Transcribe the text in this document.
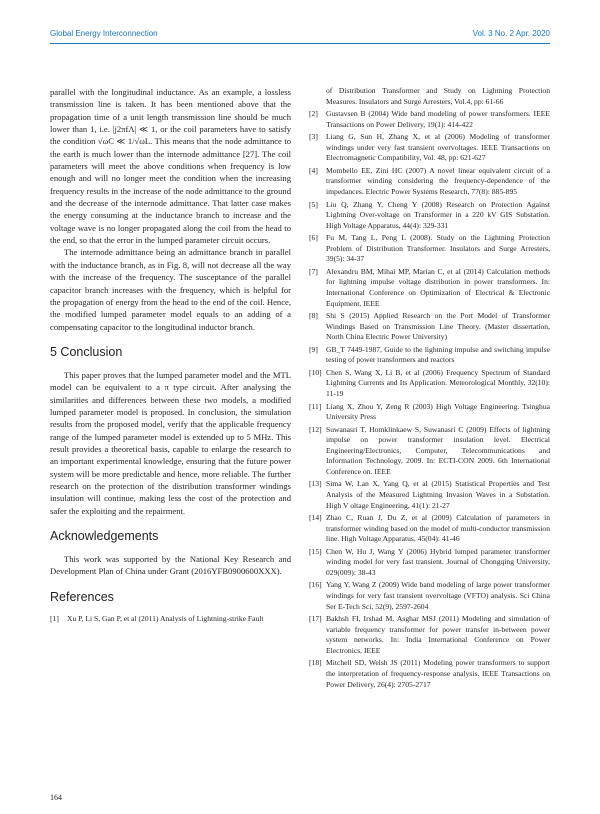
Global Energy Interconnection	Vol. 3 No. 2 Apr. 2020

parallel with the longitudinal inductance. As an example, a lossless transmission line is taken. It has been mentioned above that the propagation time of a unit length transmission line should be much lower than 1, i.e. |j2πfΛ| ≪ 1, or the coil parameters have to satisfy the condition √ωC ≪ 1/√ωL. This means that the node admittance to the earth is much lower than the internode admittance [27]. The coil parameters will meet the above conditions when frequency is low enough and will no longer meet the condition when the increasing frequency results in the increase of the node admittance to the ground and the decrease of the internode admittance. That latter case makes the energy consuming at the inductance branch to increase and the voltage wave is no longer propagated along the coil from the head to the end, so that the error in the lumped parameter circuit occurs.

The internode admittance being an admittance branch in parallel with the inductance branch, as in Fig. 8, will not decrease all the way with the increase of the frequency. The susceptance of the parallel capacitor branch increases with the frequency, which is helpful for the propagation of energy from the head to the end of the coil. Hence, the modified lumped parameter model equals to an adding of a compensating capacitor to the longitudinal inductor branch.

5 Conclusion

This paper proves that the lumped parameter model and the MTL model can be equivalent to a π type circuit. After analysing the similarities and differences between these two models, a modified lumped parameter model is proposed. In conclusion, the simulation results from the proposed model, verify that the applicable frequency range of the lumped parameter model is extended up to 5 MHz. This result provides a theoretical basis, capable to enlarge the research to an important experimental knowledge, ensuring that the future power system will be more predictable and hence, more reliable. The further research on the protection of the distribution transformer windings insulation will continue, making less the cost of the protection and safer the exploiting and the repairment.

Acknowledgements

This work was supported by the National Key Research and Development Plan of China under Grant (2016YFB0900600XXX).

References
[1]	Xu P, Li S, Gan P, et al (2011) Analysis of Lightning-strike Fault
of Distribution Transformer and Study on Lightning Protection Measures. Insulators and Surge Arresters, Vol.4, pp: 61-66
[2]	Gustavsen B (2004) Wide band modeling of power transformers. IEEE Transactions on Power Delivery, 19(1): 414-422
[3]	Liang G, Sun H, Zhang X, et al (2006) Modeling of transformer windings under very fast transient overvoltages. IEEE Transactions on Electromagnetic Compatibility, Vol. 48, pp: 621-627
[4]	Mombello EE, Zini HC (2007) A novel linear equivalent circuit of a transformer winding considering the frequency-dependence of the impedances. Electric Power Systems Research, 77(8): 885-895
[5]	Liu Q, Zhang Y, Cheng Y (2008) Research on Protection Against Lightning Over-voltage on Transformer in a 220 kV GIS Substation. High Voltage Apparatus, 44(4): 329-331
[6]	Fu M, Tang L, Peng L (2008). Study on the Lightning Protection Problem of Distribution Transformer. Insulators and Surge Arresters, 39(5): 34-37
[7]	Alexandru BM, Mihai MP, Marian C, et al (2014) Calculation methods for lightning impulse voltage distribution in power transformers. In: International Conference on Optimization of Electrical & Electronic Equipment, IEEE
[8]	Shi S (2015) Applied Research on the Port Model of Transformer Windings Based on Transmission Line Theory. (Master dissertation, North China Electric Power University)
[9]	GB_T 7449-1987, Guide to the lightning impulse and switching impulse testing of power transformers and reactors
[10] Chen S, Wang X, Li B, et al (2006) Frequency Spectrum of Standard Lightning Currents and Its Application. Meteorological Monthly, 32(10): 11-19
[11] Liang X, Zhou Y, Zeng R (2003) High Voltage Engineering. Tsinghua University Press
[12] Suwanasri T, Homklinkaew S, Suwanasri C (2009) Effects of lightning impulse on power transformer insulation level. Electrical Engineering/Electronics, Computer, Telecommunications and Information Technology, 2009. In: ECTI-CON 2009. 6th International Conference on. IEEE
[13] Sima W, Lan X, Yang Q, et al (2015) Statistical Properties and Test Analysis of the Measured Lightning Invasion Waves in a Substation. High V oltage Engineering, 41(1): 21-27
[14] Zhao C, Ruan J, Du Z, et al (2009) Calculation of parameters in transformer winding based on the model of multi-conductor transmission line. High Voltage Apparatus, 45(04): 41-46
[15] Chen W, Hu J, Wang Y (2006) Hybrid lumped parameter transformer winding model for very fast transient. Journal of Chongqing University, 029(009): 38-43
[16] Yang Y, Wang Z (2009) Wide band modeling of large power transformer windings for very fast transient overvoltage (VFTO) analysis. Sci China Ser E-Tech Sci, 52(9), 2597-2604
[17] Bakhsh FI, Irshad M, Asghar MSJ (2011) Modeling and simulation of variable frequency transformer for power transfer in-between power system networks. In: India International Conference on Power Electronics, IEEE
[18] Mitchell SD, Welsh JS (2011) Modeling power transformers to support the interpretation of frequency-response analysis. IEEE Transactions on Power Delivery, 26(4): 2705-2717
164
